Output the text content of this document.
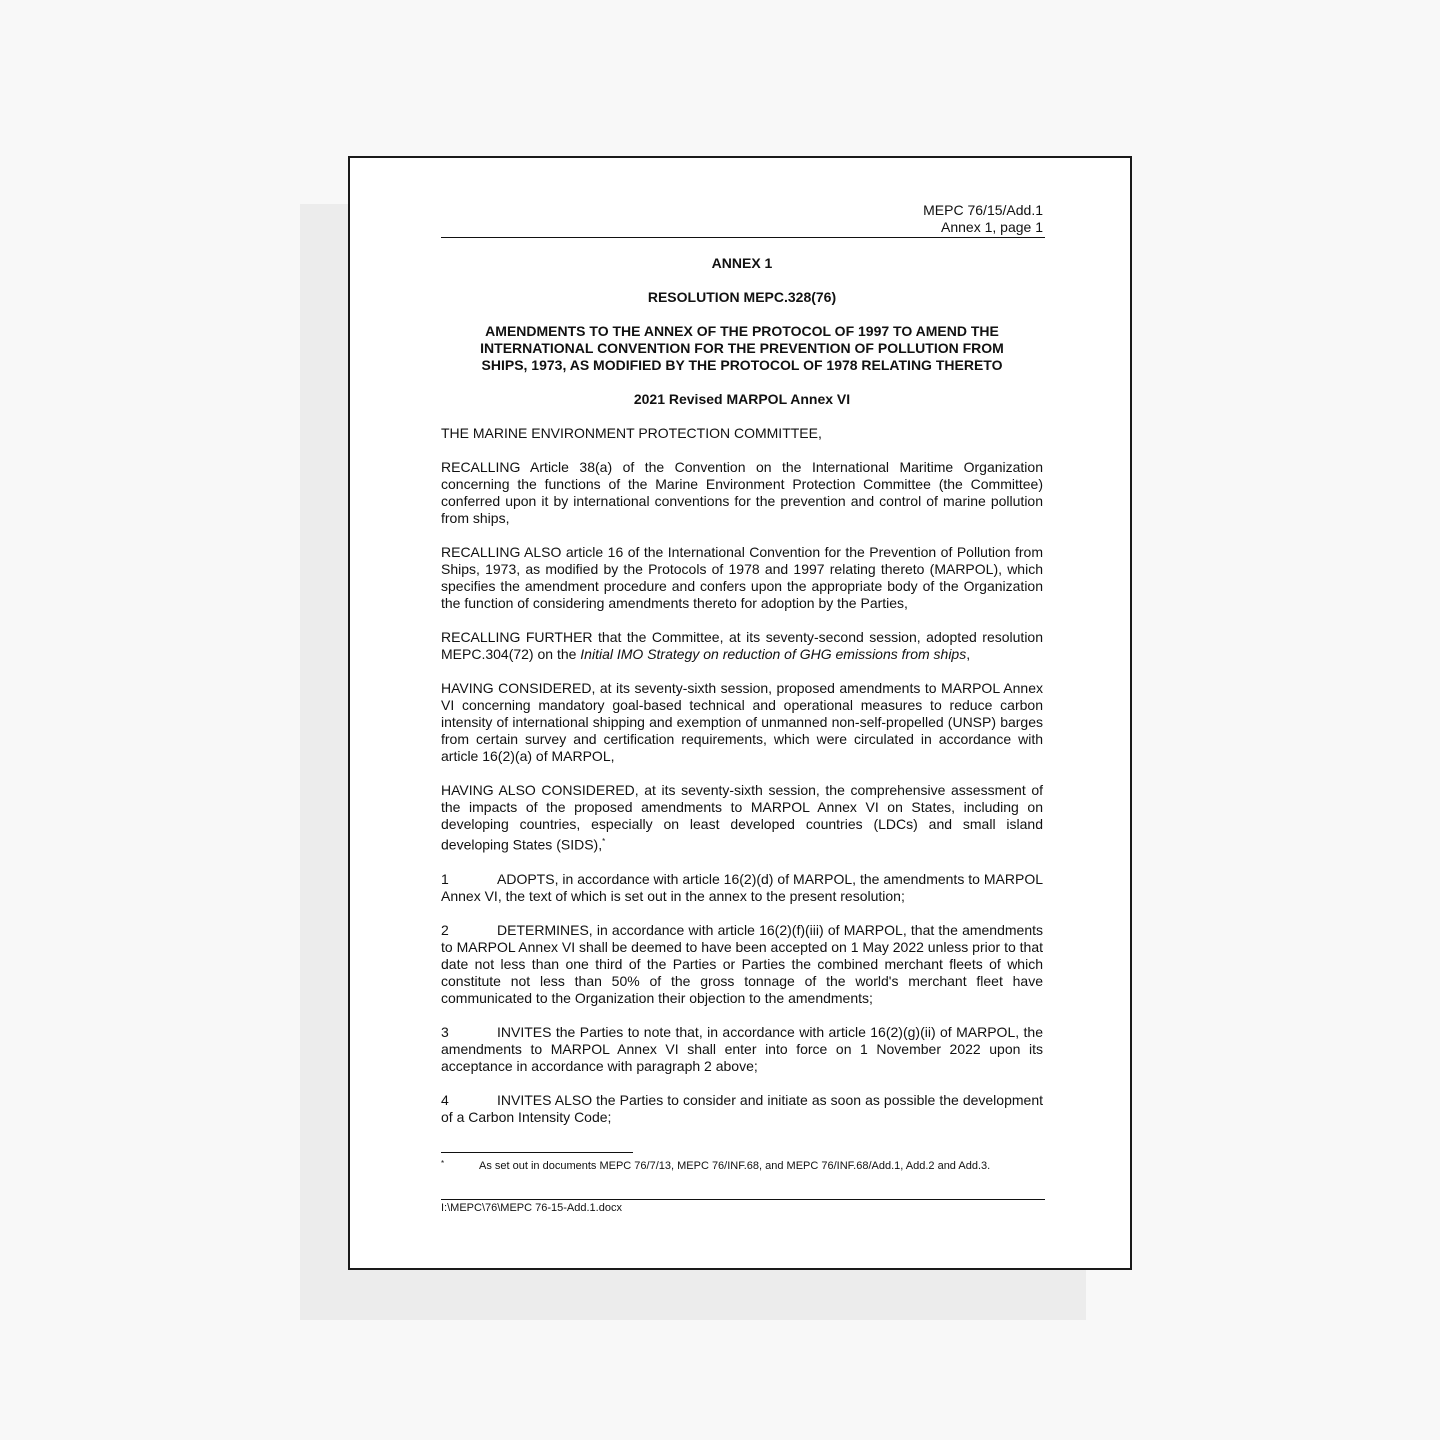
MEPC 76/15/Add.1
Annex 1, page 1
ANNEX 1
RESOLUTION MEPC.328(76)
AMENDMENTS TO THE ANNEX OF THE PROTOCOL OF 1997 TO AMEND THE INTERNATIONAL CONVENTION FOR THE PREVENTION OF POLLUTION FROM SHIPS, 1973, AS MODIFIED BY THE PROTOCOL OF 1978 RELATING THERETO
2021 Revised MARPOL Annex VI
THE MARINE ENVIRONMENT PROTECTION COMMITTEE,

RECALLING Article 38(a) of the Convention on the International Maritime Organization concerning the functions of the Marine Environment Protection Committee (the Committee) conferred upon it by international conventions for the prevention and control of marine pollution from ships,

RECALLING ALSO article 16 of the International Convention for the Prevention of Pollution from Ships, 1973, as modified by the Protocols of 1978 and 1997 relating thereto (MARPOL), which specifies the amendment procedure and confers upon the appropriate body of the Organization the function of considering amendments thereto for adoption by the Parties,

RECALLING FURTHER that the Committee, at its seventy-second session, adopted resolution MEPC.304(72) on the Initial IMO Strategy on reduction of GHG emissions from ships,

HAVING CONSIDERED, at its seventy-sixth session, proposed amendments to MARPOL Annex VI concerning mandatory goal-based technical and operational measures to reduce carbon intensity of international shipping and exemption of unmanned non-self-propelled (UNSP) barges from certain survey and certification requirements, which were circulated in accordance with article 16(2)(a) of MARPOL,

HAVING ALSO CONSIDERED, at its seventy-sixth session, the comprehensive assessment of the impacts of the proposed amendments to MARPOL Annex VI on States, including on developing countries, especially on least developed countries (LDCs) and small island developing States (SIDS),*

1	ADOPTS, in accordance with article 16(2)(d) of MARPOL, the amendments to MARPOL Annex VI, the text of which is set out in the annex to the present resolution;

2	DETERMINES, in accordance with article 16(2)(f)(iii) of MARPOL, that the amendments to MARPOL Annex VI shall be deemed to have been accepted on 1 May 2022 unless prior to that date not less than one third of the Parties or Parties the combined merchant fleets of which constitute not less than 50% of the gross tonnage of the world's merchant fleet have communicated to the Organization their objection to the amendments;

3	INVITES the Parties to note that, in accordance with article 16(2)(g)(ii) of MARPOL, the amendments to MARPOL Annex VI shall enter into force on 1 November 2022 upon its acceptance in accordance with paragraph 2 above;

4	INVITES ALSO the Parties to consider and initiate as soon as possible the development of a Carbon Intensity Code;

*	As set out in documents MEPC 76/7/13, MEPC 76/INF.68, and MEPC 76/INF.68/Add.1, Add.2 and Add.3.
I:\MEPC\76\MEPC 76-15-Add.1.docx
